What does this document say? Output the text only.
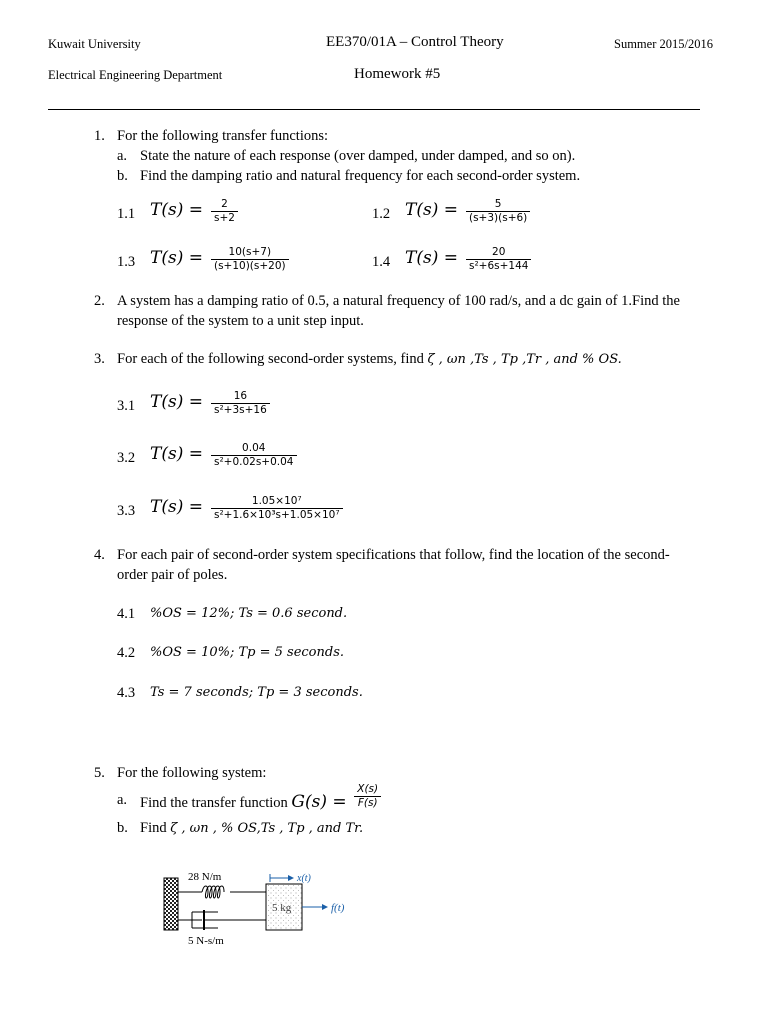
Kuwait University	EE370/01A – Control Theory	Summer 2015/2016
Electrical Engineering Department	Homework #5
1. For the following transfer functions:
a. State the nature of each response (over damped, under damped, and so on).
b. Find the damping ratio and natural frequency for each second-order system.
1.1 $T(s) = \frac{2}{s+2}$	1.2 $T(s) = \frac{5}{(s+3)(s+6)}$
1.3 $T(s) = \frac{10(s+7)}{(s+10)(s+20)}$	1.4 $T(s) = \frac{20}{\text{s²+6s+144}}$
2. A system has a damping ratio of 0.5, a natural frequency of 100 rad/s, and a dc gain of 1.Find the
response of the system to a unit step input.
3. For each of the following second-order systems, find ζ , ωn ,Ts , Tp ,Tr , and % OS.
3.1 $T(s) = \frac{16}{\text{s²+3s+16}}$
3.2 $T(s) = \frac{0.04}{\text{s²+0.02s+0.04}}$
3.3 $T(s) = \frac{\text{1.05×10⁷}}{\text{s²+1.6×10³s+1.05×10⁷}}$
4. For each pair of second-order system specifications that follow, find the location of the second-
order pair of poles.
4.1 %OS = 12%; Ts = 0.6 second.
4.2 %OS = 10%; Tp = 5 seconds.
4.3 Ts = 7 seconds; Tp = 3 seconds.
5. For the following system:
a. Find the transfer function $G(s) = \frac{X(s)}{F(s)}$
b. Find ζ , ωn , % OS,Ts , Tp , and Tr.
5 kg
28 N/m
5 N-s/m
x(t)
f(t)
